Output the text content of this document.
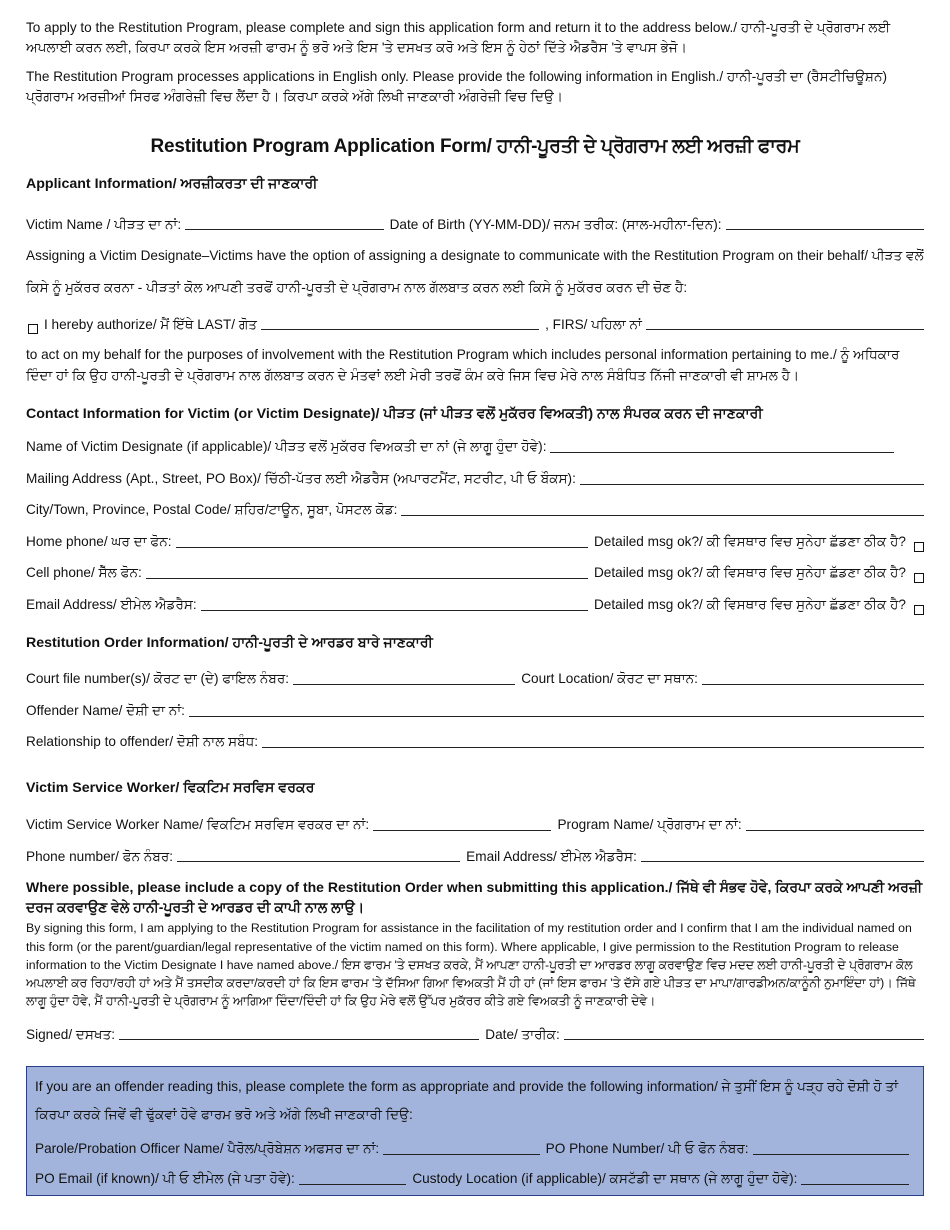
To apply to the Restitution Program, please complete and sign this application form and return it to the address below./ ਹਾਨੀ-ਪੂਰਤੀ ਦੇ ਪ੍ਰੋਗਰਾਮ ਲਈ ਅਪਲਾਈ ਕਰਨ ਲਈ, ਕਿਰਪਾ ਕਰਕੇ ਇਸ ਅਰਜ਼ੀ ਫਾਰਮ ਨੂੰ ਭਰੋ ਅਤੇ ਇਸ 'ਤੇ ਦਸਖਤ ਕਰੋ ਅਤੇ ਇਸ ਨੂੰ ਹੇਠਾਂ ਦਿੱਤੇ ਐਡਰੈਸ 'ਤੇ ਵਾਪਸ ਭੇਜੋ।

The Restitution Program processes applications in English only. Please provide the following information in English./ ਹਾਨੀ-ਪੂਰਤੀ ਦਾ (ਰੈਸਟੀਚਿਊਸ਼ਨ) ਪ੍ਰੋਗਰਾਮ ਅਰਜ਼ੀਆਂ ਸਿਰਫ ਅੰਗਰੇਜ਼ੀ ਵਿਚ ਲੈਂਦਾ ਹੈ। ਕਿਰਪਾ ਕਰਕੇ ਅੱਗੇ ਲਿਖੀ ਜਾਣਕਾਰੀ ਅੰਗਰੇਜ਼ੀ ਵਿਚ ਦਿਉ।

Restitution Program Application Form/ ਹਾਨੀ-ਪੂਰਤੀ ਦੇ ਪ੍ਰੋਗਰਾਮ ਲਈ ਅਰਜ਼ੀ ਫਾਰਮ
Applicant Information/ ਅਰਜ਼ੀਕਰਤਾ ਦੀ ਜਾਣਕਾਰੀ
Victim Name / ਪੀੜਤ ਦਾ ਨਾਂ:	Date of Birth (YY-MM-DD)/ ਜਨਮ ਤਰੀਕ: (ਸਾਲ-ਮਹੀਨਾ-ਦਿਨ):

Assigning a Victim Designate–Victims have the option of assigning a designate to communicate with the Restitution Program on their behalf/ ਪੀੜਤ ਵਲੋਂ ਕਿਸੇ ਨੂੰ ਮੁਕੱਰਰ ਕਰਨਾ - ਪੀੜਤਾਂ ਕੋਲ ਆਪਣੀ ਤਰਫੋਂ ਹਾਨੀ-ਪੂਰਤੀ ਦੇ ਪ੍ਰੋਗਰਾਮ ਨਾਲ ਗੱਲਬਾਤ ਕਰਨ ਲਈ ਕਿਸੇ ਨੂੰ ਮੁਕੱਰਰ ਕਰਨ ਦੀ ਚੋਣ ਹੈ:

I hereby authorize/ ਮੈਂ ਇੱਥੇ LAST/ ਗੋਤ	, FIRS/ ਪਹਿਲਾ ਨਾਂ

to act on my behalf for the purposes of involvement with the Restitution Program which includes personal information pertaining to me./ ਨੂੰ ਅਧਿਕਾਰ ਦਿੰਦਾ ਹਾਂ ਕਿ ਉਹ ਹਾਨੀ-ਪੂਰਤੀ ਦੇ ਪ੍ਰੋਗਰਾਮ ਨਾਲ ਗੱਲਬਾਤ ਕਰਨ ਦੇ ਮੰਤਵਾਂ ਲਈ ਮੇਰੀ ਤਰਫੋਂ ਕੰਮ ਕਰੇ ਜਿਸ ਵਿਚ ਮੇਰੇ ਨਾਲ ਸੰਬੰਧਿਤ ਨਿੱਜੀ ਜਾਣਕਾਰੀ ਵੀ ਸ਼ਾਮਲ ਹੈ।

Contact Information for Victim (or Victim Designate)/ ਪੀੜਤ (ਜਾਂ ਪੀੜਤ ਵਲੋਂ ਮੁਕੱਰਰ ਵਿਅਕਤੀ) ਨਾਲ ਸੰਪਰਕ ਕਰਨ ਦੀ ਜਾਣਕਾਰੀ
Name of Victim Designate (if applicable)/ ਪੀੜਤ ਵਲੋਂ ਮੁਕੱਰਰ ਵਿਅਕਤੀ ਦਾ ਨਾਂ (ਜੇ ਲਾਗੂ ਹੁੰਦਾ ਹੋਵੇ):
Mailing Address (Apt., Street, PO Box)/ ਚਿੱਠੀ-ਪੱਤਰ ਲਈ ਐਡਰੈਸ (ਅਪਾਰਟਮੈਂਟ, ਸਟਰੀਟ, ਪੀ ਓ ਬੌਕਸ):
City/Town, Province, Postal Code/ ਸ਼ਹਿਰ/ਟਾਊਨ, ਸੂਬਾ, ਪੋਸਟਲ ਕੋਡ:
Home phone/ ਘਰ ਦਾ ਫੋਨ:	Detailed msg ok?/ ਕੀ ਵਿਸਥਾਰ ਵਿਚ ਸੁਨੇਹਾ ਛੱਡਣਾ ਠੀਕ ਹੈ?
Cell phone/ ਸੈੱਲ ਫੋਨ:	Detailed msg ok?/ ਕੀ ਵਿਸਥਾਰ ਵਿਚ ਸੁਨੇਹਾ ਛੱਡਣਾ ਠੀਕ ਹੈ?
Email Address/ ਈਮੇਲ ਐਡਰੈਸ:	Detailed msg ok?/ ਕੀ ਵਿਸਥਾਰ ਵਿਚ ਸੁਨੇਹਾ ਛੱਡਣਾ ਠੀਕ ਹੈ?
Restitution Order Information/ ਹਾਨੀ-ਪੂਰਤੀ ਦੇ ਆਰਡਰ ਬਾਰੇ ਜਾਣਕਾਰੀ
Court file number(s)/ ਕੋਰਟ ਦਾ (ਦੇ) ਫਾਇਲ ਨੰਬਰ:	Court Location/ ਕੋਰਟ ਦਾ ਸਥਾਨ:
Offender Name/ ਦੋਸ਼ੀ ਦਾ ਨਾਂ:
Relationship to offender/ ਦੋਸ਼ੀ ਨਾਲ ਸਬੰਧ:
Victim Service Worker/ ਵਿਕਟਿਮ ਸਰਵਿਸ ਵਰਕਰ
Victim Service Worker Name/ ਵਿਕਟਿਮ ਸਰਵਿਸ ਵਰਕਰ ਦਾ ਨਾਂ:	Program Name/ ਪ੍ਰੋਗਰਾਮ ਦਾ ਨਾਂ:
Phone number/ ਫੋਨ ਨੰਬਰ:	Email Address/ ਈਮੇਲ ਐਡਰੈਸ:

Where possible, please include a copy of the Restitution Order when submitting this application./ ਜਿੱਥੇ ਵੀ ਸੰਭਵ ਹੋਵੇ, ਕਿਰਪਾ ਕਰਕੇ ਆਪਣੀ ਅਰਜ਼ੀ ਦਰਜ ਕਰਵਾਉਣ ਵੇਲੇ ਹਾਨੀ-ਪੂਰਤੀ ਦੇ ਆਰਡਰ ਦੀ ਕਾਪੀ ਨਾਲ ਲਾਉ।

By signing this form, I am applying to the Restitution Program for assistance in the facilitation of my restitution order and I confirm that I am the individual named on this form (or the parent/guardian/legal representative of the victim named on this form). Where applicable, I give permission to the Restitution Program to release information to the Victim Designate I have named above./ ਇਸ ਫਾਰਮ 'ਤੇ ਦਸਖਤ ਕਰਕੇ, ਮੈਂ ਆਪਣਾ ਹਾਨੀ-ਪੂਰਤੀ ਦਾ ਆਰਡਰ ਲਾਗੂ ਕਰਵਾਉਣ ਵਿਚ ਮਦਦ ਲਈ ਹਾਨੀ-ਪੂਰਤੀ ਦੇ ਪ੍ਰੋਗਰਾਮ ਕੋਲ ਅਪਲਾਈ ਕਰ ਰਿਹਾ/ਰਹੀ ਹਾਂ ਅਤੇ ਮੈਂ ਤਸਦੀਕ ਕਰਦਾ/ਕਰਦੀ ਹਾਂ ਕਿ ਇਸ ਫਾਰਮ 'ਤੇ ਦੱਸਿਆ ਗਿਆ ਵਿਅਕਤੀ ਮੈਂ ਹੀ ਹਾਂ (ਜਾਂ ਇਸ ਫਾਰਮ 'ਤੇ ਦੱਸੇ ਗਏ ਪੀੜਤ ਦਾ ਮਾਪਾ/ਗਾਰਡੀਅਨ/ਕਾਨੂੰਨੀ ਨੁਮਾਇੰਦਾ ਹਾਂ)। ਜਿੱਥੇ ਲਾਗੂ ਹੁੰਦਾ ਹੋਵੇ, ਮੈਂ ਹਾਨੀ-ਪੂਰਤੀ ਦੇ ਪ੍ਰੋਗਰਾਮ ਨੂੰ ਆਗਿਆ ਦਿੰਦਾ/ਦਿੰਦੀ ਹਾਂ ਕਿ ਉਹ ਮੇਰੇ ਵਲੋਂ ਉੱਪਰ ਮੁਕੱਰਰ ਕੀਤੇ ਗਏ ਵਿਅਕਤੀ ਨੂੰ ਜਾਣਕਾਰੀ ਦੇਵੇ।

Signed/ ਦਸਖਤ:	Date/ ਤਾਰੀਕ:

If you are an offender reading this, please complete the form as appropriate and provide the following information/ ਜੇ ਤੁਸੀਂ ਇਸ ਨੂੰ ਪੜ੍ਹ ਰਹੇ ਦੋਸ਼ੀ ਹੋ ਤਾਂ ਕਿਰਪਾ ਕਰਕੇ ਜਿਵੇਂ ਵੀ ਢੁੱਕਵਾਂ ਹੋਵੇ ਫਾਰਮ ਭਰੋ ਅਤੇ ਅੱਗੇ ਲਿਖੀ ਜਾਣਕਾਰੀ ਦਿਉ:

Parole/Probation Officer Name/ ਪੈਰੋਲ/ਪ੍ਰੋਬੇਸ਼ਨ ਅਫਸਰ ਦਾ ਨਾਂ:	PO Phone Number/ ਪੀ ਓ ਫੋਨ ਨੰਬਰ:
PO Email (if known)/ ਪੀ ਓ ਈਮੇਲ (ਜੇ ਪਤਾ ਹੋਵੇ):	Custody Location (if applicable)/ ਕਸਟੱਡੀ ਦਾ ਸਥਾਨ (ਜੇ ਲਾਗੂ ਹੁੰਦਾ ਹੋਵੇ):
